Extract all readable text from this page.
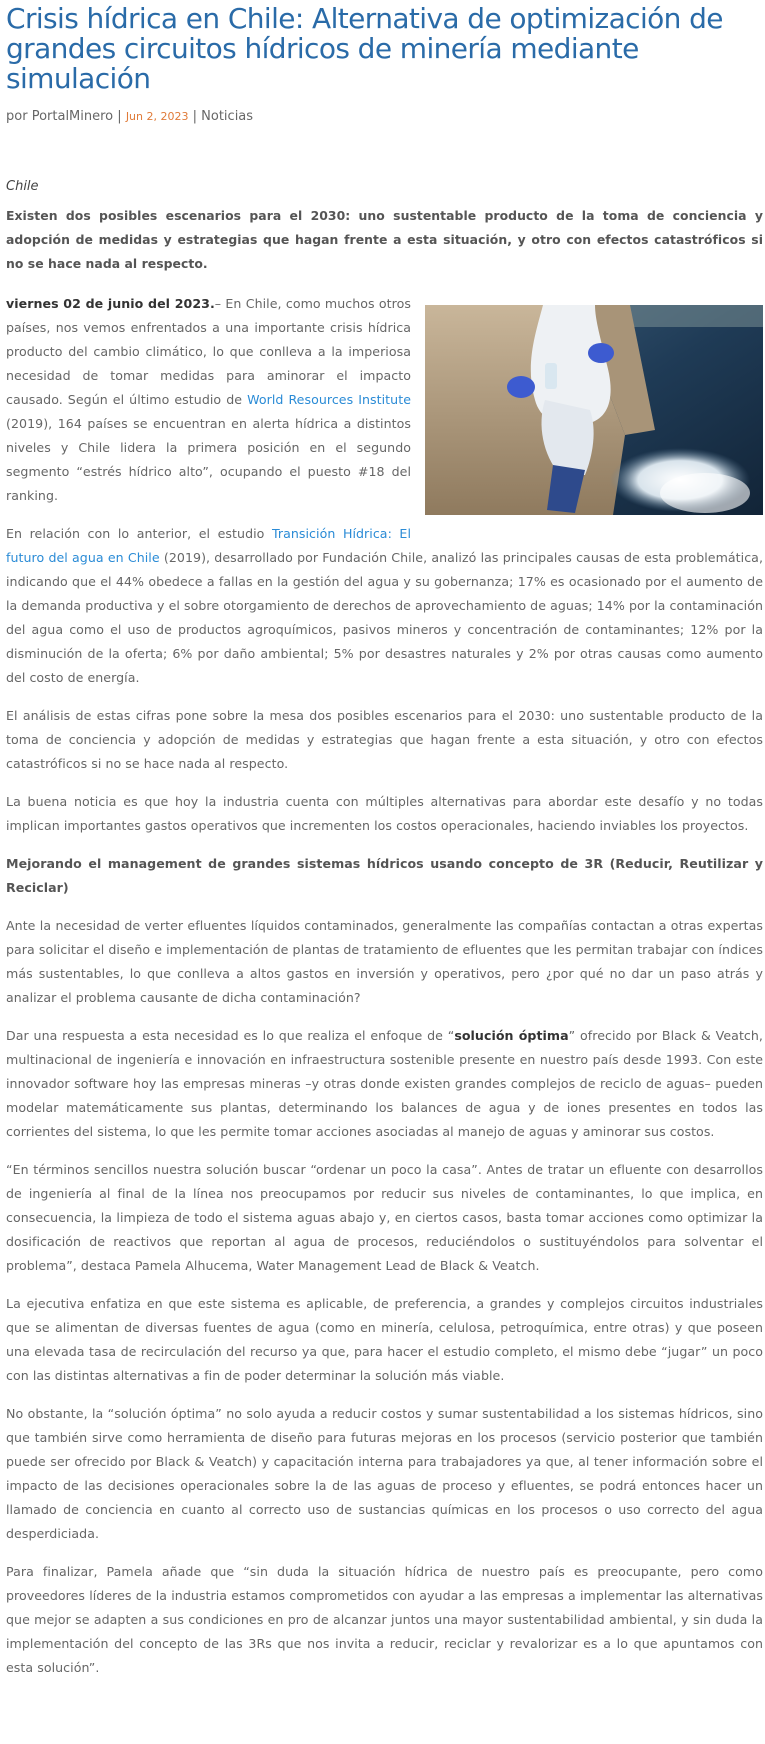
Crisis hídrica en Chile: Alternativa de optimización de grandes circuitos hídricos de minería mediante simulación
por PortalMinero | Jun 2, 2023 | Noticias
Chile

Existen dos posibles escenarios para el 2030: uno sustentable producto de la toma de conciencia y adopción de medidas y estrategias que hagan frente a esta situación, y otro con efectos catastróficos si no se hace nada al respecto.

viernes 02 de junio del 2023.– En Chile, como muchos otros países, nos vemos enfrentados a una importante crisis hídrica producto del cambio climático, lo que conlleva a la imperiosa necesidad de tomar medidas para aminorar el impacto causado. Según el último estudio de World Resources Institute (2019), 164 países se encuentran en alerta hídrica a distintos niveles y Chile lidera la primera posición en el segundo segmento “estrés hídrico alto”, ocupando el puesto #18 del ranking.

En relación con lo anterior, el estudio Transición Hídrica: El futuro del agua en Chile (2019), desarrollado por Fundación Chile, analizó las principales causas de esta problemática, indicando que el 44% obedece a fallas en la gestión del agua y su gobernanza; 17% es ocasionado por el aumento de la demanda productiva y el sobre otorgamiento de derechos de aprovechamiento de aguas; 14% por la contaminación del agua como el uso de productos agroquímicos, pasivos mineros y concentración de contaminantes; 12% por la disminución de la oferta; 6% por daño ambiental; 5% por desastres naturales y 2% por otras causas como aumento del costo de energía.

El análisis de estas cifras pone sobre la mesa dos posibles escenarios para el 2030: uno sustentable producto de la toma de conciencia y adopción de medidas y estrategias que hagan frente a esta situación, y otro con efectos catastróficos si no se hace nada al respecto.

La buena noticia es que hoy la industria cuenta con múltiples alternativas para abordar este desafío y no todas implican importantes gastos operativos que incrementen los costos operacionales, haciendo inviables los proyectos.

Mejorando el management de grandes sistemas hídricos usando concepto de 3R (Reducir, Reutilizar y Reciclar)

Ante la necesidad de verter efluentes líquidos contaminados, generalmente las compañías contactan a otras expertas para solicitar el diseño e implementación de plantas de tratamiento de efluentes que les permitan trabajar con índices más sustentables, lo que conlleva a altos gastos en inversión y operativos, pero ¿por qué no dar un paso atrás y analizar el problema causante de dicha contaminación?

Dar una respuesta a esta necesidad es lo que realiza el enfoque de “solución óptima” ofrecido por Black & Veatch, multinacional de ingeniería e innovación en infraestructura sostenible presente en nuestro país desde 1993. Con este innovador software hoy las empresas mineras –y otras donde existen grandes complejos de reciclo de aguas– pueden modelar matemáticamente sus plantas, determinando los balances de agua y de iones presentes en todos las corrientes del sistema, lo que les permite tomar acciones asociadas al manejo de aguas y aminorar sus costos.

“En términos sencillos nuestra solución buscar “ordenar un poco la casa”. Antes de tratar un efluente con desarrollos de ingeniería al final de la línea nos preocupamos por reducir sus niveles de contaminantes, lo que implica, en consecuencia, la limpieza de todo el sistema aguas abajo y, en ciertos casos, basta tomar acciones como optimizar la dosificación de reactivos que reportan al agua de procesos, reduciéndolos o sustituyéndolos para solventar el problema”, destaca Pamela Alhucema, Water Management Lead de Black & Veatch.

La ejecutiva enfatiza en que este sistema es aplicable, de preferencia, a grandes y complejos circuitos industriales que se alimentan de diversas fuentes de agua (como en minería, celulosa, petroquímica, entre otras) y que poseen una elevada tasa de recirculación del recurso ya que, para hacer el estudio completo, el mismo debe “jugar” un poco con las distintas alternativas a fin de poder determinar la solución más viable.

No obstante, la “solución óptima” no solo ayuda a reducir costos y sumar sustentabilidad a los sistemas hídricos, sino que también sirve como herramienta de diseño para futuras mejoras en los procesos (servicio posterior que también puede ser ofrecido por Black & Veatch) y capacitación interna para trabajadores ya que, al tener información sobre el impacto de las decisiones operacionales sobre la de las aguas de proceso y efluentes, se podrá entonces hacer un llamado de conciencia en cuanto al correcto uso de sustancias químicas en los procesos o uso correcto del agua desperdiciada.

Para finalizar, Pamela añade que “sin duda la situación hídrica de nuestro país es preocupante, pero como proveedores líderes de la industria estamos comprometidos con ayudar a las empresas a implementar las alternativas que mejor se adapten a sus condiciones en pro de alcanzar juntos una mayor sustentabilidad ambiental, y sin duda la implementación del concepto de las 3Rs que nos invita a reducir, reciclar y revalorizar es a lo que apuntamos con esta solución”.
